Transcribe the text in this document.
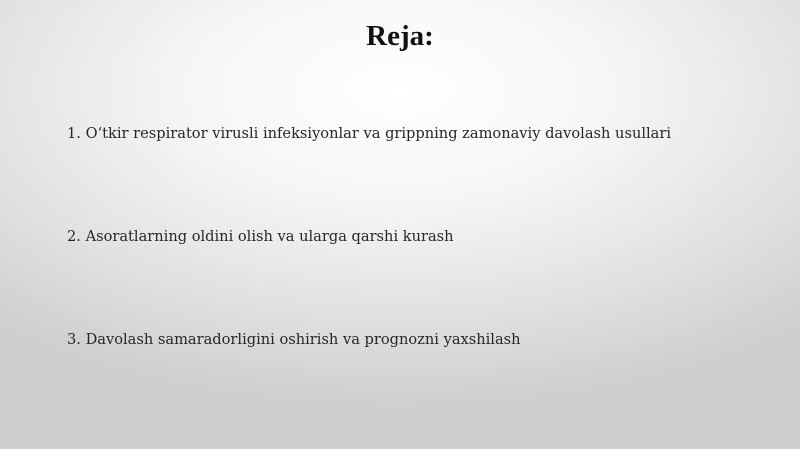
Reja:
1. O‘tkir respirator virusli infeksiyonlar va grippning zamonaviy davolash usullari
2. Asoratlarning oldini olish va ularga qarshi kurash
3. Davolash samaradorligini oshirish va prognozni yaxshilash
